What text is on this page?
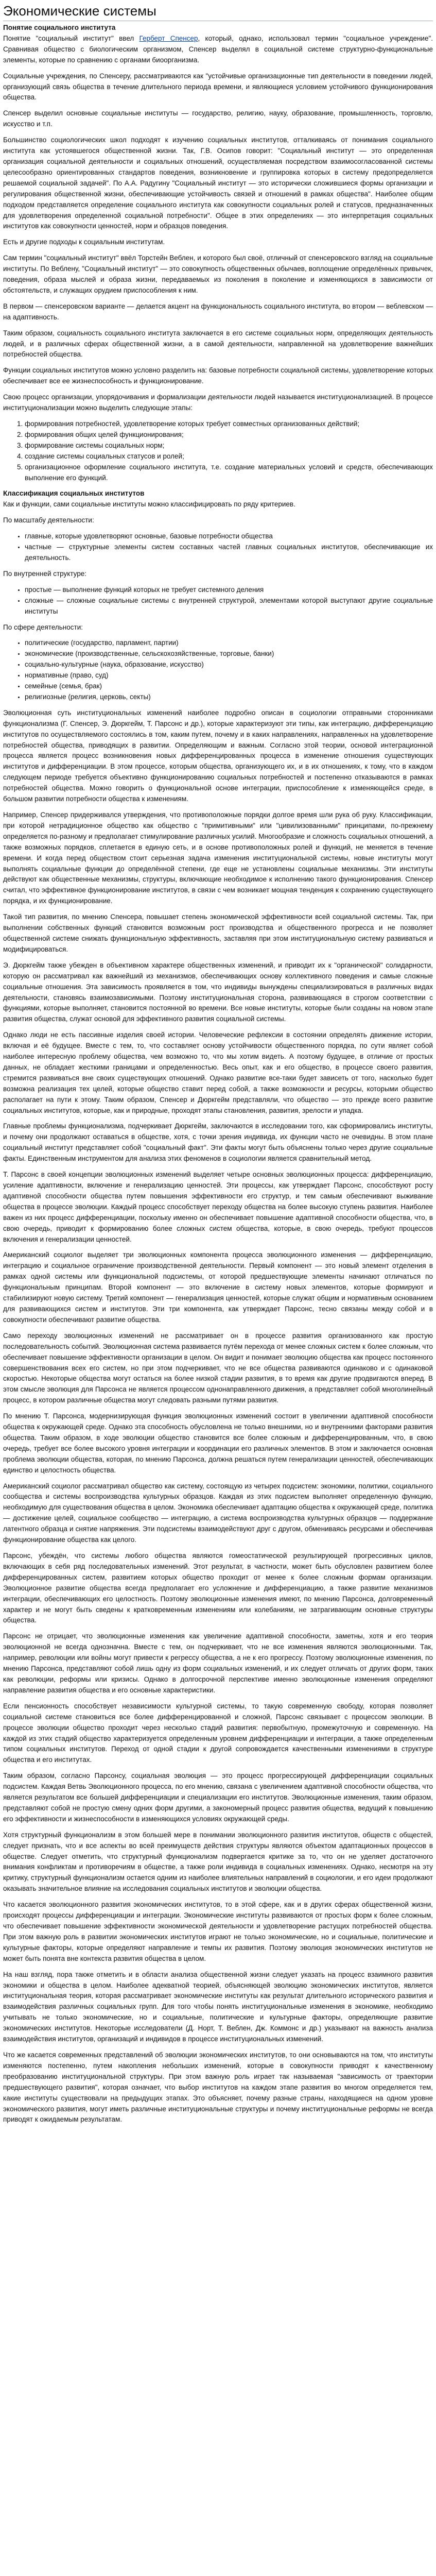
Экономические системы
Понятие социального института

Понятие "социальный институт" ввел Герберт Спенсер, который, однако, использовал термин "социальное учреждение". Сравнивая общество с биологическим организмом, Спенсер выделял в социальной системе структурно-функциональные элементы, которые по сравнению с органами биоорганизма.

Социальные учреждения, по Спенсеру, рассматриваются как "устойчивые организационные тип деятельности в поведении людей, организующий связь общества в течение длительного периода времени, и являющиеся условием устойчивого функционирования общества.

Спенсер выделил основные социальные институты — государство, религию, науку, образование, промышленность, торговлю, искусство и т.п.

Большинство социологических школ подходят к изучению социальных институтов, отталкиваясь от понимания социального института как устоявшегося общественной жизни. Так, Г.В. Осипов говорит: "Социальный институт — это определенная организация социальной деятельности и социальных отношений, осуществляемая посредством взаимосогласованной системы целесообразно ориентированных стандартов поведения, возникновение и группировка которых в систему предопределяется решаемой социальной задачей". По А.А. Радугину "Социальный институт — это исторически сложившиеся формы организации и регулирования общественной жизни, обеспечивающие устойчивость связей и отношений в рамках общества". Наиболее общим подходом представляется определение социального института как совокупности социальных ролей и статусов, предназначенных для удовлетворения определенной социальной потребности". Общее в этих определениях — это интерпретация социальных институтов как совокупности ценностей, норм и образцов поведения.

Есть и другие подходы к социальным институтам.

Сам термин "социальный институт" ввёл Торстейн Веблен, и которого был своё, отличный от спенсеровского взгляд на социальные институты. По Веблену, "Социальный институт" — это совокупность общественных обычаев, воплощение определённых привычек, поведения, образа мыслей и образа жизни, передаваемых из поколения в поколение и изменяющихся в зависимости от обстоятельств, и служащих орудием приспособления к ним.

В первом — спенсеровском варианте — делается акцент на функциональность социального института, во втором — веблевском — на адаптивность.

Таким образом, социальность социального института заключается в его системе социальных норм, определяющих деятельность людей, и в различных сферах общественной жизни, а в самой деятельности, направленной на удовлетворение важнейших потребностей общества.

Функции социальных институтов можно условно разделить на: базовые потребности социальной системы, удовлетворение которых обеспечивает все ее жизнеспособность и функционирование.

Свою процесс организации, упорядочивания и формализации деятельности людей называется институционализацией. В процессе институционализации можно выделить следующие этапы:

1. формирования потребностей, удовлетворение которых требует совместных организованных действий;
2. формирования общих целей функционирования;
3. формирование системы социальных норм;
4. создание системы социальных статусов и ролей;
5. организационное оформление социального института, т.е. создание материальных условий и средств, обеспечивающих выполнение его функций.
Классификация социальных институтов

Как и функции, сами социальные институты можно классифицировать по ряду критериев.

По масштабу деятельности:

• главные, которые удовлетворяют основные, базовые потребности общества
• частные — структурные элементы систем составных частей главных социальных институтов, обеспечивающие их деятельность.

По внутренней структуре:

• простые — выполнение функций которых не требует системного деления
• сложные — сложные социальные системы с внутренней структурой, элементами которой выступают другие социальные институты

По сфере деятельности:

• политические (государство, парламент, партии)
• экономические (производственные, сельскохозяйственные, торговые, банки)
• социально-культурные (наука, образование, искусство)
• нормативные (право, суд)
• семейные (семья, брак)
• религиозные (религия, церковь, секты)

Эволюционная суть институциональных изменений наиболее подробно описан в социологии отправными сторонниками функционализма (Г. Спенсер, Э. Дюркгейм, Т. Парсонс и др.), которые характеризуют эти типы, как интеграцию, дифференциацию институтов по осуществляемого состоялись в том, каким путем, почему и в каких направлениях, направленных на удовлетворение потребностей общества, приводящих в развитии. Определяющим и важным. Согласно этой теории, основой интеграционной процесса является процесс возникновения новых дифференцированных процесса в изменение отношения существующих институтов и дифференциации. В этом процессе, которым общества, организующего их, и в их отношениях, к тому, что в каждом следующем периоде требуется объективно функционированию социальных потребностей и постепенно отказываются в рамках потребностей общества. Можно говорить о функциональной основе интеграции, приспособление к изменяющейся среде, в большом развитии потребности общества к изменениям.

Например, Спенсер придерживался утверждения, что противоположные порядки долгое время шли рука об руку. Классификации, при которой нетрадиционное общество как общество с "примитивными" или "цивилизованными" принципами, по-прежнему определяется по-разному и предполагает стимулирование различных усилий. Многообразие и сложность социальных отношений, а также возможных порядков, сплетается в единую сеть, и в основе противоположных ролей и функций, не меняется в течение времени. И когда перед обществом стоит серьезная задача изменения институциональной системы, новые институты могут выполнять социальные функции до определённой степени, где еще не установлены социальные механизмы. Эти институты действуют как общественные механизмы, структуры, включающие необходимое к исполнению такого функционирования. Спенсер считал, что эффективное функционирование институтов, в связи с чем возникает мощная тенденция к сохранению существующего порядка, и их функционирование.

Такой тип развития, по мнению Спенсера, повышает степень экономической эффективности всей социальной системы. Так, при выполнении собственных функций становится возможным рост производства и общественного прогресса и не позволяет общественной системе снижать функциональную эффективность, заставляя при этом институциональную систему развиваться и модифицироваться.

Э. Дюркгейм также убежден в объективном характере общественных изменений, и приводит их к "органической" солидарности, которую он рассматривал как важнейший из механизмов, обеспечивающих основу коллективного поведения и самые сложные социальные отношения. Эта зависимость проявляется в том, что индивиды вынуждены специализироваться в различных видах деятельности, становясь взаимозависимыми. Поэтому институциональная сторона, развивающаяся в строгом соответствии с функциями, которые выполняет, становится постоянной во времени. Все новые институты, которые были созданы на новом этапе развития общества, служат основой для эффективного развития социальной системы.

Однако люди не есть пассивные изделия своей истории. Человеческие рефлексии в состоянии определять движение истории, включая и её будущее. Вместе с тем, то, что составляет основу устойчивости общественного порядка, по сути являет собой наиболее интересную проблему общества, чем возможно то, что мы хотим видеть. А поэтому будущее, в отличие от простых данных, не обладает жесткими границами и определенностью. Весь опыт, как и его общество, в процессе своего развития, стремится развиваться вне своих существующих отношений. Однако развитие все-таки будет зависеть от того, насколько будет возможна реализация тех целей, которые общество ставит перед собой, а также возможности и ресурсы, которыми общество располагает на пути к этому. Таким образом, Спенсер и Дюркгейм представляли, что общество — это прежде всего развитие социальных институтов, которые, как и природные, проходят этапы становления, развития, зрелости и упадка.

Главные проблемы функционализма, подчеркивает Дюркгейм, заключаются в исследовании того, как сформировались институты, и почему они продолжают оставаться в обществе, хотя, с точки зрения индивида, их функции часто не очевидны. В этом плане социальный институт представляет собой "социальный факт". Эти факты могут быть объяснены только через другие социальные факты. Единственным инструментом для анализа этих феноменов в социологии является сравнительный метод.

Т. Парсонс в своей концепции эволюционных изменений выделяет четыре основных эволюционных процесса: дифференциацию, усиление адаптивности, включение и генерализацию ценностей. Эти процессы, как утверждает Парсонс, способствуют росту адаптивной способности общества путем повышения эффективности его структур, и тем самым обеспечивают выживание общества в процессе эволюции. Каждый процесс способствует переходу общества на более высокую ступень развития. Наиболее важен из них процесс дифференциации, поскольку именно он обеспечивает повышение адаптивной способности общества, что, в свою очередь, приводит к формированию более сложных систем общества, которые, в свою очередь, требуют процессов включения и генерализации ценностей.

Американский социолог выделяет три эволюционных компонента процесса эволюционного изменения — дифференциацию, интеграцию и социальное ограничение производственной деятельности. Первый компонент — это новый элемент отделения в рамках одной системы или функциональной подсистемы, от которой предшествующие элементы начинают отличаться по функциональным принципам. Второй компонент — это включение в систему новых элементов, которые формируют и стабилизируют новую систему. Третий компонент — генерализация ценностей, которые служат общим и нормативным основанием для развивающихся систем и институтов. Эти три компонента, как утверждает Парсонс, тесно связаны между собой и в совокупности обеспечивают развитие общества.

Само переходу эволюционных изменений не рассматривает он в процессе развития организованного как простую последовательность событий. Эволюционная система развивается путём перехода от менее сложных систем к более сложным, что обеспечивает повышение эффективности организации в целом. Он видит и понимает эволюцию общества как процесс постоянного совершенствования всех его систем, но при этом подчеркивает, что не все общества развиваются одинаково и с одинаковой скоростью. Некоторые общества могут остаться на более низкой стадии развития, в то время как другие продвигаются вперед. В этом смысле эволюция для Парсонса не является процессом однонаправленного движения, а представляет собой многолинейный процесс, в котором различные общества могут следовать разными путями развития.

По мнению Т. Парсонса, модернизирующая функция эволюционных изменений состоит в увеличении адаптивной способности общества к окружающей среде. Однако эта способность обусловлена не только внешними, но и внутренними факторами развития общества. Таким образом, в ходе эволюции общество становится все более сложным и дифференцированным, что, в свою очередь, требует все более высокого уровня интеграции и координации его различных элементов. В этом и заключается основная проблема эволюции общества, которая, по мнению Парсонса, должна решаться путем генерализации ценностей, обеспечивающих единство и целостность общества.

Американский социолог рассматривал общество как систему, состоящую из четырех подсистем: экономики, политики, социального сообщества и системы воспроизводства культурных образцов. Каждая из этих подсистем выполняет определенную функцию, необходимую для существования общества в целом. Экономика обеспечивает адаптацию общества к окружающей среде, политика — достижение целей, социальное сообщество — интеграцию, а система воспроизводства культурных образцов — поддержание латентного образца и снятие напряжения. Эти подсистемы взаимодействуют друг с другом, обмениваясь ресурсами и обеспечивая функционирование общества как целого.

Парсонс, убеждён, что системы любого общества являются гомеостатической результирующей прогрессивных циклов, включающих в себя ряд последовательных изменений. Этот результат, в частности, может быть обусловлен развитием более дифференцированных систем, развитием которых общество проходит от менее к более сложным формам организации. Эволюционное развитие общества всегда предполагает его усложнение и дифференциацию, а также развитие механизмов интеграции, обеспечивающих его целостность. Поэтому эволюционные изменения имеют, по мнению Парсонса, долговременный характер и не могут быть сведены к кратковременным изменениям или колебаниям, не затрагивающим основные структуры общества.

Парсонс не отрицает, что эволюционные изменения как увеличение адаптивной способности, заметны, хотя и его теория эволюционной не всегда однозначна. Вместе с тем, он подчеркивает, что не все изменения являются эволюционными. Так, например, революции или войны могут привести к регрессу общества, а не к его прогрессу. Поэтому эволюционные изменения, по мнению Парсонса, представляют собой лишь одну из форм социальных изменений, и их следует отличать от других форм, таких как революции, реформы или кризисы. Однако в долгосрочной перспективе именно эволюционные изменения определяют направление развития общества и его основные характеристики.

Если пенсионность способствует независимости культурной системы, то такую современную свободу, которая позволяет социальной системе становиться все более дифференцированной и сложной, Парсонс связывает с процессом эволюции. В процессе эволюции общество проходит через несколько стадий развития: первобытную, промежуточную и современную. На каждой из этих стадий общество характеризуется определенным уровнем дифференциации и интеграции, а также определенным типом социальных институтов. Переход от одной стадии к другой сопровождается качественными изменениями в структуре общества и его институтах.

Таким образом, согласно Парсонсу, социальная эволюция — это процесс прогрессирующей дифференциации социальных подсистем. Каждая Ветвь Эволюционного процесса, по его мнению, связана с увеличением адаптивной способности общества, что является результатом все большей дифференциации и специализации его институтов. Эволюционные изменения, таким образом, представляют собой не простую смену одних форм другими, а закономерный процесс развития общества, ведущий к повышению его эффективности и жизнеспособности в изменяющихся условиях окружающей среды.

Хотя структурный функционализм в этом большей мере в понимании эволюционного развития институтов, обществ с общестей, следует признать, что и все аспекты во всей преимуществ действия структуры являются объектом адаптационных процессов в обществе. Следует отметить, что структурный функционализм подвергается критике за то, что он не уделяет достаточного внимания конфликтам и противоречиям в обществе, а также роли индивида в социальных изменениях. Однако, несмотря на эту критику, структурный функционализм остается одним из наиболее влиятельных направлений в социологии, и его идеи продолжают оказывать значительное влияние на исследования социальных институтов и эволюции общества.

Что касается эволюционного развития экономических институтов, то в этой сфере, как и в других сферах общественной жизни, происходят процессы дифференциации и интеграции. Экономические институты развиваются от простых форм к более сложным, что обеспечивает повышение эффективности экономической деятельности и удовлетворение растущих потребностей общества. При этом важную роль в развитии экономических институтов играют не только экономические, но и социальные, политические и культурные факторы, которые определяют направление и темпы их развития. Поэтому эволюция экономических институтов не может быть понята вне контекста развития общества в целом.

На наш взгляд, пора также отметить и в области анализа общественной жизни следует указать на процесс взаимного развития экономики и общества в целом. Наиболее адекватной теорией, объясняющей эволюцию экономических институтов, является институциональная теория, которая рассматривает экономические институты как результат длительного исторического развития и взаимодействия различных социальных групп. Для того чтобы понять институциональные изменения в экономике, необходимо учитывать не только экономические, но и социальные, политические и культурные факторы, определяющие развитие экономических институтов. Некоторые исследователи (Д. Норт, Т. Веблен, Дж. Коммонс и др.) указывают на важность анализа взаимодействия институтов, организаций и индивидов в процессе институциональных изменений.

Что же касается современных представлений об эволюции экономических институтов, то они основываются на том, что институты изменяются постепенно, путем накопления небольших изменений, которые в совокупности приводят к качественному преобразованию институциональной структуры. При этом важную роль играет так называемая "зависимость от траектории предшествующего развития", которая означает, что выбор институтов на каждом этапе развития во многом определяется тем, какие институты существовали на предыдущих этапах. Это объясняет, почему разные страны, находящиеся на одном уровне экономического развития, могут иметь различные институциональные структуры и почему институциональные реформы не всегда приводят к ожидаемым результатам.
